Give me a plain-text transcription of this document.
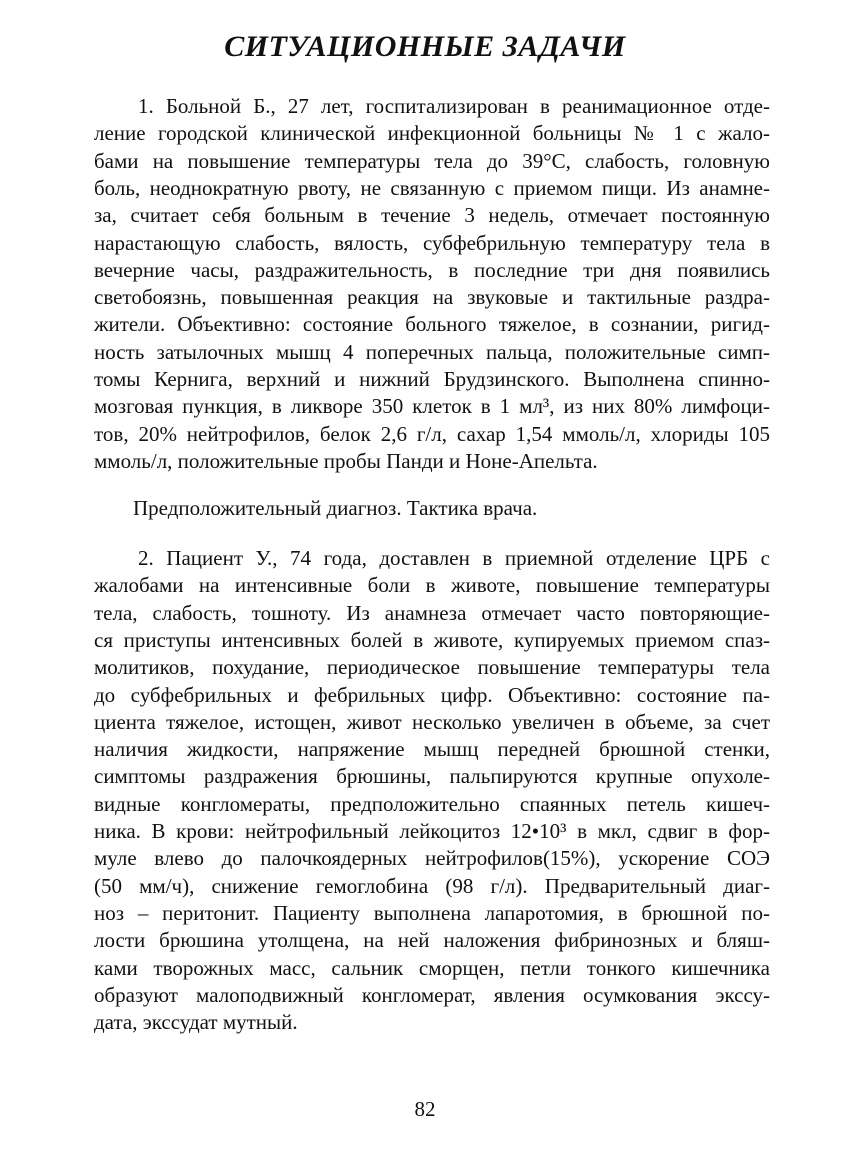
СИТУАЦИОННЫЕ ЗАДАЧИ
1. Больной Б., 27 лет, госпитализирован в реанимационное отде-
ление городской клинической инфекционной больницы № 1 с жало-
бами на повышение температуры тела до 39°С, слабость, головную
боль, неоднократную рвоту, не связанную с приемом пищи. Из анамне-
за, считает себя больным в течение 3 недель, отмечает постоянную
нарастающую слабость, вялость, субфебрильную температуру тела в
вечерние часы, раздражительность, в последние три дня появились
светобоязнь, повышенная реакция на звуковые и тактильные раздра-
жители. Объективно: состояние больного тяжелое, в сознании, ригид-
ность затылочных мышц 4 поперечных пальца, положительные симп-
томы Кернига, верхний и нижний Брудзинского. Выполнена спинно-
мозговая пункция, в ликворе 350 клеток в 1 мл³, из них 80% лимфоци-
тов, 20% нейтрофилов, белок 2,6 г/л, сахар 1,54 ммоль/л, хлориды 105
ммоль/л, положительные пробы Панди и Ноне-Апельта.
Предположительный диагноз. Тактика врача.
2. Пациент У., 74 года, доставлен в приемной отделение ЦРБ с
жалобами на интенсивные боли в животе, повышение температуры
тела, слабость, тошноту. Из анамнеза отмечает часто повторяющие-
ся приступы интенсивных болей в животе, купируемых приемом спаз-
молитиков, похудание, периодическое повышение температуры тела
до субфебрильных и фебрильных цифр. Объективно: состояние па-
циента тяжелое, истощен, живот несколько увеличен в объеме, за счет
наличия жидкости, напряжение мышц передней брюшной стенки,
симптомы раздражения брюшины, пальпируются крупные опухоле-
видные конгломераты, предположительно спаянных петель кишеч-
ника. В крови: нейтрофильный лейкоцитоз 12•10³ в мкл, сдвиг в фор-
муле влево до палочкоядерных нейтрофилов(15%), ускорение СОЭ
(50 мм/ч), снижение гемоглобина (98 г/л). Предварительный диаг-
ноз – перитонит. Пациенту выполнена лапаротомия, в брюшной по-
лости брюшина утолщена, на ней наложения фибринозных и бляш-
ками творожных масс, сальник сморщен, петли тонкого кишечника
образуют малоподвижный конгломерат, явления осумкования экссу-
дата, экссудат мутный.
82
